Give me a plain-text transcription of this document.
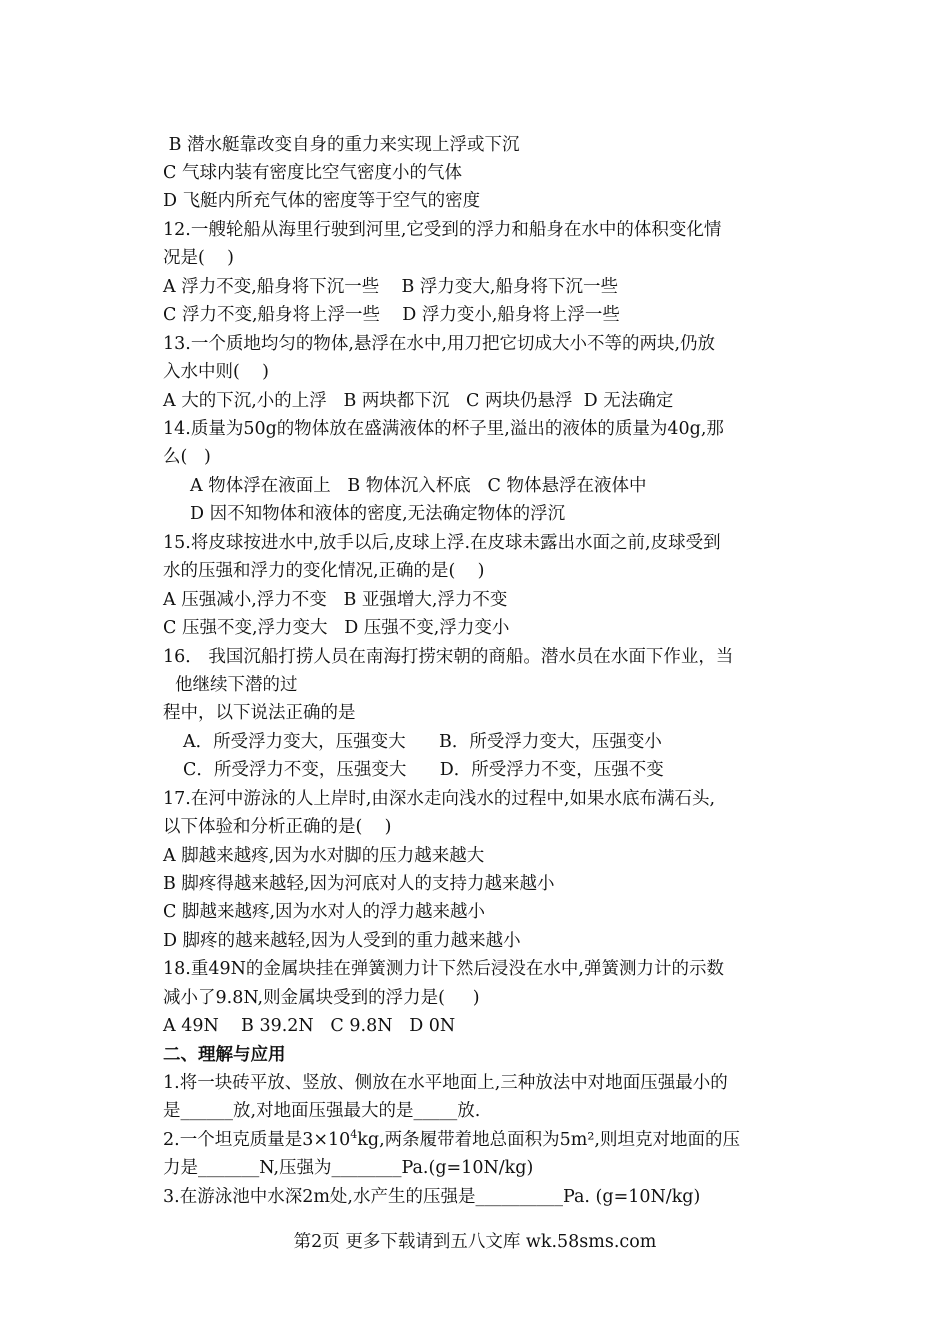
B 潜水艇靠改变自身的重力来实现上浮或下沉

C 气球内装有密度比空气密度小的气体

D 飞艇内所充气体的密度等于空气的密度

12.一艘轮船从海里行驶到河里,它受到的浮力和船身在水中的体积变化情

况是(    )

A 浮力不变,船身将下沉一些    B 浮力变大,船身将下沉一些

C 浮力不变,船身将上浮一些    D 浮力变小,船身将上浮一些

13.一个质地均匀的物体,悬浮在水中,用刀把它切成大小不等的两块,仍放

入水中则(    )

A 大的下沉,小的上浮   B 两块都下沉   C 两块仍悬浮  D 无法确定

14.质量为50g的物体放在盛满液体的杯子里,溢出的液体的质量为40g,那

么(   )

A 物体浮在液面上   B 物体沉入杯底   C 物体悬浮在液体中

D 因不知物体和液体的密度,无法确定物体的浮沉

15.将皮球按进水中,放手以后,皮球上浮.在皮球未露出水面之前,皮球受到

水的压强和浮力的变化情况,正确的是(    )

A 压强减小,浮力不变   B 亚强增大,浮力不变

C 压强不变,浮力变大   D 压强不变,浮力变小

16． 我国沉船打捞人员在南海打捞宋朝的商船。潜水员在水面下作业，当

他继续下潜的过

程中，以下说法正确的是

A．所受浮力变大，压强变大      B．所受浮力变大，压强变小

C．所受浮力不变，压强变大      D．所受浮力不变，压强不变

17.在河中游泳的人上岸时,由深水走向浅水的过程中,如果水底布满石头,

以下体验和分析正确的是(    )

A 脚越来越疼,因为水对脚的压力越来越大

B 脚疼得越来越轻,因为河底对人的支持力越来越小

C 脚越来越疼,因为水对人的浮力越来越小

D 脚疼的越来越轻,因为人受到的重力越来越小

18.重49N的金属块挂在弹簧测力计下然后浸没在水中,弹簧测力计的示数

减小了9.8N,则金属块受到的浮力是(     )

A 49N    B 39.2N   C 9.8N   D 0N

二、理解与应用

1.将一块砖平放、竖放、侧放在水平地面上,三种放法中对地面压强最小的

是______放,对地面压强最大的是_____放.

2.一个坦克质量是$3\times 10^4kg$,两条履带着地总面积为5m²,则坦克对地面的压

力是_______N,压强为________Pa.(g=10N/kg)

3.在游泳池中水深2m处,水产生的压强是__________Pa. (g=10N/kg)

第2页 更多下载请到五八文库 wk.58sms.com
